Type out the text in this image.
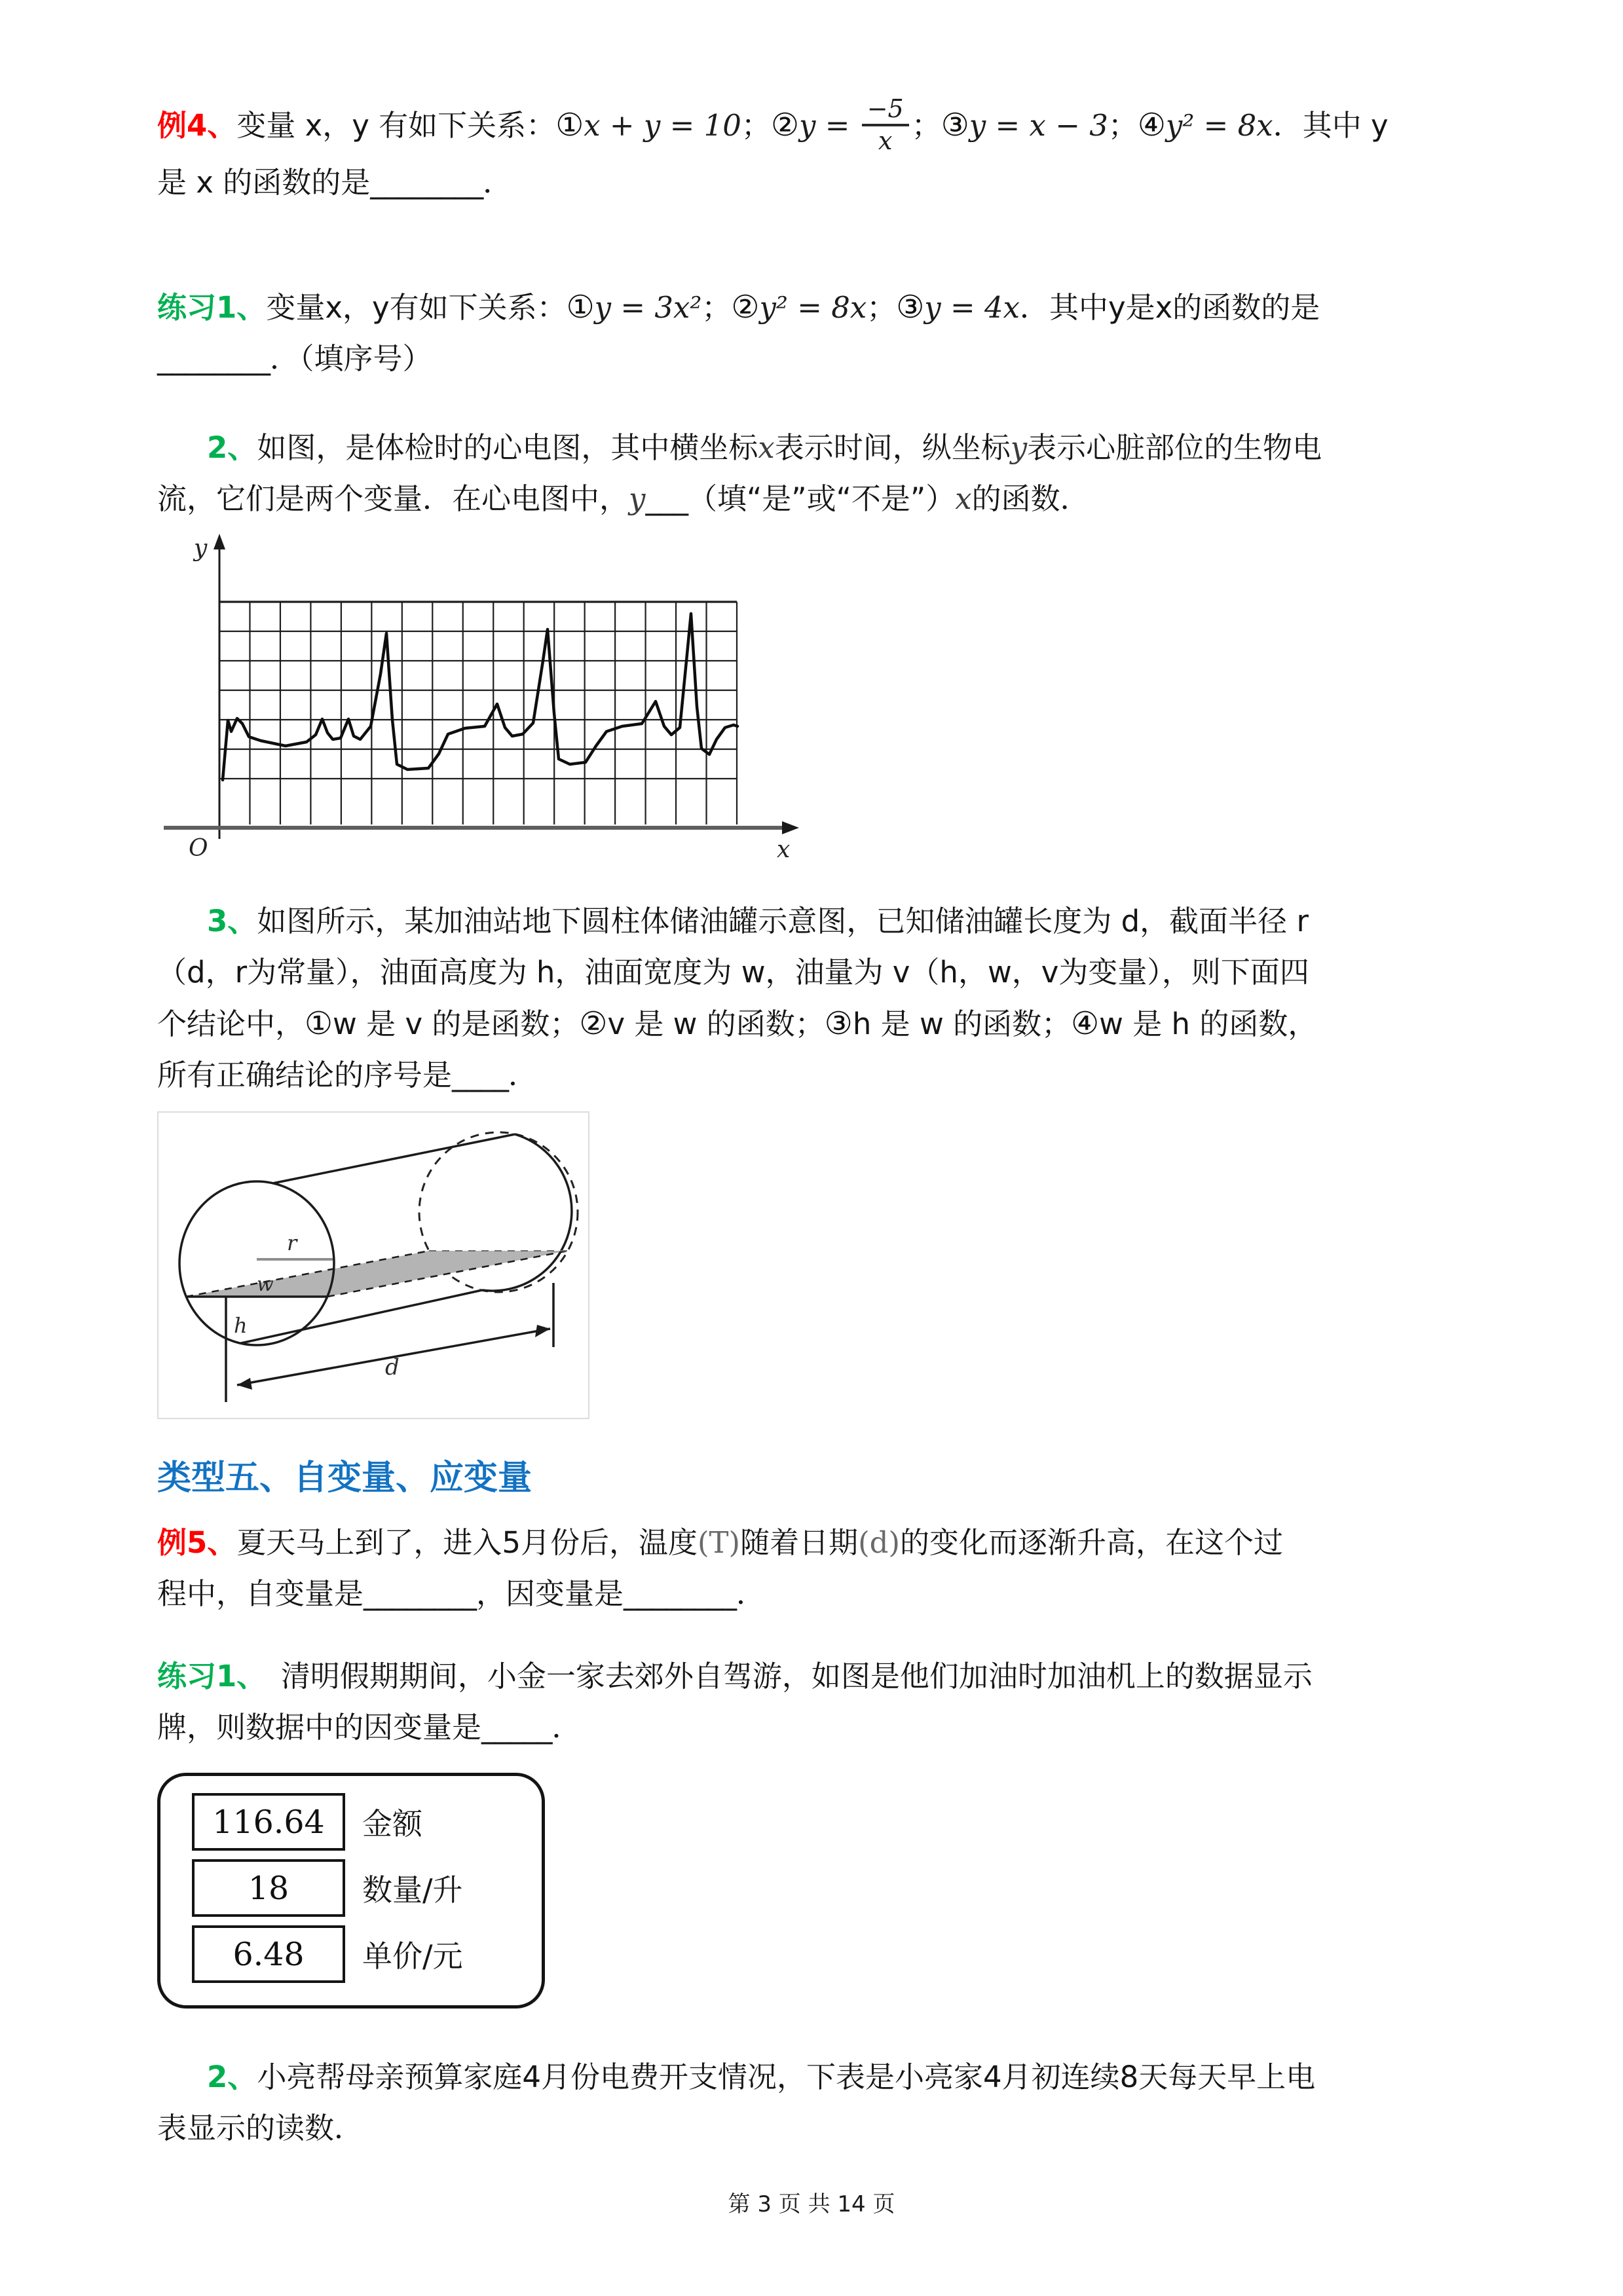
例4、变量 x，y 有如下关系：①x + y = 10；②y = $\frac{-5}{x}$ ；③y = x − 3；④y² = 8x．其中 y
是 x 的函数的是________．

练习1、变量x，y有如下关系：①y = 3x²；②y² = 8x；③y = 4x．其中y是x的函数的是
________．（填序号）

2、如图，是体检时的心电图，其中横坐标x表示时间，纵坐标y表示心脏部位的生物电
流，它们是两个变量．在心电图中，y___（填“是”或“不是”）x的函数．

y
O	x

3、如图所示，某加油站地下圆柱体储油罐示意图，已知储油罐长度为 d，截面半径 r
（d，r为常量），油面高度为 h，油面宽度为 w，油量为 v（h，w，v为变量），则下面四
个结论中，①w 是 v 的是函数；②v 是 w 的函数；③h 是 w 的函数；④w 是 h 的函数，
所有正确结论的序号是____．

r
w
h
d
类型五、自变量、应变量

例5、夏天马上到了，进入5月份后，温度(T)随着日期(d)的变化而逐渐升高，在这个过
程中，自变量是________，因变量是________．

练习1、　清明假期期间，小金一家去郊外自驾游，如图是他们加油时加油机上的数据显示
牌，则数据中的因变量是_____．

116.64	金额
18	数量/升
6.48	单价/元

2、小亮帮母亲预算家庭4月份电费开支情况，下表是小亮家4月初连续8天每天早上电
表显示的读数．

第 3 页 共 14 页
